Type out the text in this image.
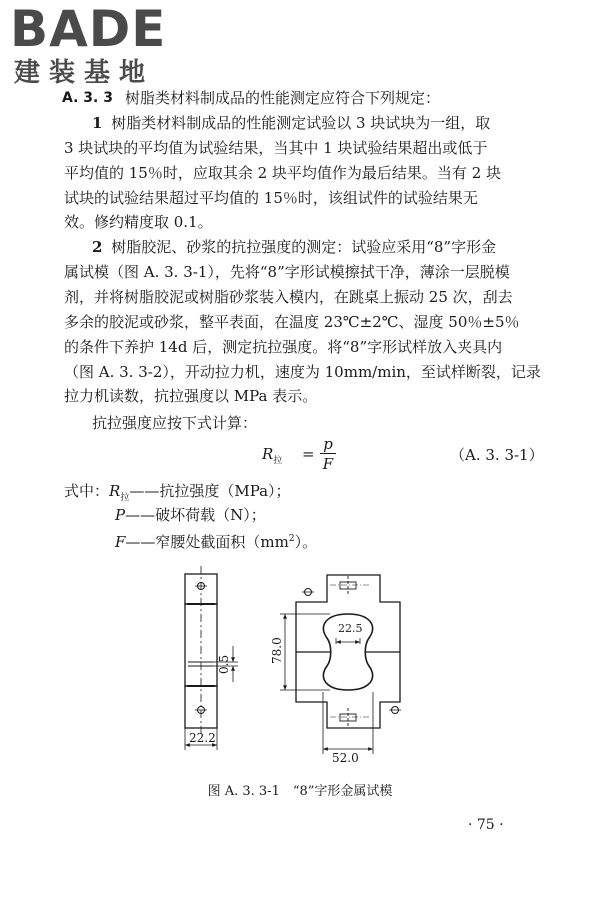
BADE
建装基地
A. 3. 3 树脂类材料制成品的性能测定应符合下列规定：
1 树脂类材料制成品的性能测定试验以 3 块试块为一组，取
3 块试块的平均值为试验结果，当其中 1 块试验结果超出或低于
平均值的 15％时，应取其余 2 块平均值作为最后结果。当有 2 块
试块的试验结果超过平均值的 15％时，该组试件的试验结果无
效。修约精度取 0.1。
2 树脂胶泥、砂浆的抗拉强度的测定：试验应采用“8”字形金
属试模（图 A. 3. 3-1），先将“8”字形试模擦拭干净，薄涂一层脱模
剂，并将树脂胶泥或树脂砂浆装入模内，在跳桌上振动 25 次，刮去
多余的胶泥或砂浆，整平表面，在温度 23℃±2℃、湿度 50％±5％
的条件下养护 14d 后，测定抗拉强度。将“8”字形试样放入夹具内
（图 A. 3. 3-2），开动拉力机，速度为 10mm/min，至试样断裂，记录
拉力机读数，抗拉强度以 MPa 表示。
抗拉强度应按下式计算：
$R_拉$ =
p
F	（A. 3. 3-1）
式中：$R_拉——$抗拉强度（MPa）；
P——破坏荷载（N）；
F——窄腰处截面积$(mm^2)$。
22.2
0.5
78.0
22.5
52.0
图 A. 3. 3-1　“8”字形金属试模
· 75 ·
